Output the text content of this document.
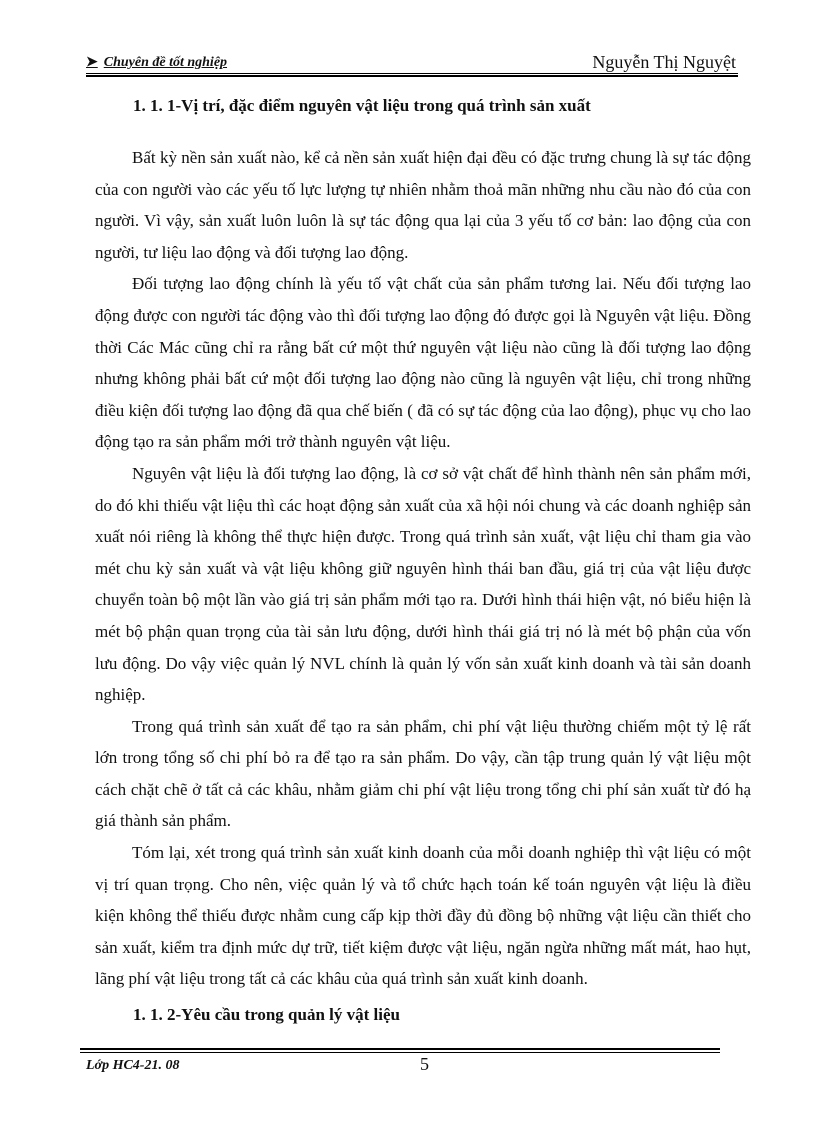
➤ Chuyên đề tốt nghiệp	Nguyễn Thị Nguyệt
1. 1. 1-Vị trí, đặc điểm nguyên vật liệu trong quá trình sản xuất

Bất kỳ nền sản xuất nào, kể cả nền sản xuất hiện đại đều có đặc trưng chung là sự tác động của con người vào các yếu tố lực lượng tự nhiên nhằm thoả mãn những nhu cầu nào đó của con người. Vì vậy, sản xuất luôn luôn là sự tác động qua lại của 3 yếu tố cơ bản: lao động của con người, tư liệu lao động và đối tượng lao động.

Đối tượng lao động chính là yếu tố vật chất của sản phẩm tương lai. Nếu đối tượng lao động được con người tác động vào thì đối tượng lao động đó được gọi là Nguyên vật liệu. Đồng thời Các Mác cũng chỉ ra rằng bất cứ một thứ nguyên vật liệu nào cũng là đối tượng lao động nhưng không phải bất cứ một đối tượng lao động nào cũng là nguyên vật liệu, chỉ trong những điều kiện đối tượng lao động đã qua chế biến ( đã có sự tác động của lao động), phục vụ cho lao động tạo ra sản phẩm mới trở thành nguyên vật liệu.

Nguyên vật liệu là đối tượng lao động, là cơ sở vật chất để hình thành nên sản phẩm mới, do đó khi thiếu vật liệu thì các hoạt động sản xuất của xã hội nói chung và các doanh nghiệp sản xuất nói riêng là không thể thực hiện được. Trong quá trình sản xuất, vật liệu chỉ tham gia vào mét chu kỳ sản xuất và vật liệu không giữ nguyên hình thái ban đầu, giá trị của vật liệu được chuyển toàn bộ một lần vào giá trị sản phẩm mới tạo ra. Dưới hình thái hiện vật, nó biểu hiện là mét bộ phận quan trọng của tài sản lưu động, dưới hình thái giá trị nó là mét bộ phận của vốn lưu động. Do vậy việc quản lý NVL chính là quản lý vốn sản xuất kinh doanh và tài sản doanh nghiệp.

Trong quá trình sản xuất để tạo ra sản phẩm, chi phí vật liệu thường chiếm một tỷ lệ rất lớn trong tổng số chi phí bỏ ra để tạo ra sản phẩm. Do vậy, cần tập trung quản lý vật liệu một cách chặt chẽ ở tất cả các khâu, nhằm giảm chi phí vật liệu trong tổng chi phí sản xuất từ đó hạ giá thành sản phẩm.

Tóm lại, xét trong quá trình sản xuất kinh doanh của mỗi doanh nghiệp thì vật liệu có một vị trí quan trọng. Cho nên, việc quản lý và tổ chức hạch toán kế toán nguyên vật liệu là điều kiện không thể thiếu được nhằm cung cấp kịp thời đầy đủ đồng bộ những vật liệu cần thiết cho sản xuất, kiểm tra định mức dự trữ, tiết kiệm được vật liệu, ngăn ngừa những mất mát, hao hụt, lãng phí vật liệu trong tất cả các khâu của quá trình sản xuất kinh doanh.

1. 1. 2-Yêu cầu trong quản lý vật liệu
Lớp HC4-21. 08	5
